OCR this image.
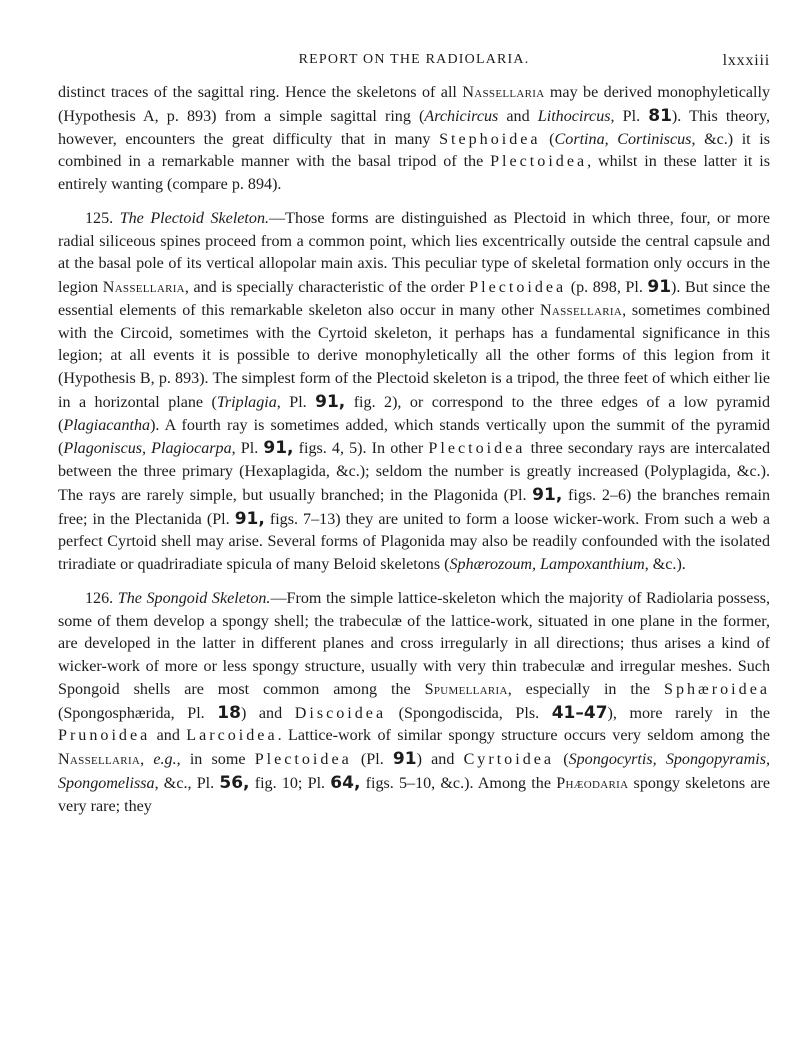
REPORT ON THE RADIOLARIA.	lxxxiii

distinct traces of the sagittal ring. Hence the skeletons of all Nassellaria may be derived monophyletically (Hypothesis A, p. 893) from a simple sagittal ring (Archicircus and Lithocircus, Pl. 81). This theory, however, encounters the great difficulty that in many Stephoidea (Cortina, Cortiniscus, &c.) it is combined in a remarkable manner with the basal tripod of the Plectoidea, whilst in these latter it is entirely wanting (compare p. 894).

125. The Plectoid Skeleton.—Those forms are distinguished as Plectoid in which three, four, or more radial siliceous spines proceed from a common point, which lies excentrically outside the central capsule and at the basal pole of its vertical allopolar main axis. This peculiar type of skeletal formation only occurs in the legion Nassellaria, and is specially characteristic of the order Plectoidea (p. 898, Pl. 91). But since the essential elements of this remarkable skeleton also occur in many other Nassellaria, sometimes combined with the Circoid, sometimes with the Cyrtoid skeleton, it perhaps has a fundamental significance in this legion; at all events it is possible to derive monophyletically all the other forms of this legion from it (Hypothesis B, p. 893). The simplest form of the Plectoid skeleton is a tripod, the three feet of which either lie in a horizontal plane (Triplagia, Pl. 91, fig. 2), or correspond to the three edges of a low pyramid (Plagiacantha). A fourth ray is sometimes added, which stands vertically upon the summit of the pyramid (Plagoniscus, Plagiocarpa, Pl. 91, figs. 4, 5). In other Plectoidea three secondary rays are intercalated between the three primary (Hexaplagida, &c.); seldom the number is greatly increased (Polyplagida, &c.). The rays are rarely simple, but usually branched; in the Plagonida (Pl. 91, figs. 2–6) the branches remain free; in the Plectanida (Pl. 91, figs. 7–13) they are united to form a loose wicker-work. From such a web a perfect Cyrtoid shell may arise. Several forms of Plagonida may also be readily confounded with the isolated triradiate or quadriradiate spicula of many Beloid skeletons (Sphærozoum, Lampoxanthium, &c.).

126. The Spongoid Skeleton.—From the simple lattice-skeleton which the majority of Radiolaria possess, some of them develop a spongy shell; the trabeculæ of the lattice-work, situated in one plane in the former, are developed in the latter in different planes and cross irregularly in all directions; thus arises a kind of wicker-work of more or less spongy structure, usually with very thin trabeculæ and irregular meshes. Such Spongoid shells are most common among the Spumellaria, especially in the Sphæroidea (Spongosphærida, Pl. 18) and Discoidea (Spongodiscida, Pls. 41–47), more rarely in the Prunoidea and Larcoidea. Lattice-work of similar spongy structure occurs very seldom among the Nassellaria, e.g., in some Plectoidea (Pl. 91) and Cyrtoidea (Spongocyrtis, Spongopyramis, Spongomelissa, &c., Pl. 56, fig. 10; Pl. 64, figs. 5–10, &c.). Among the Phæodaria spongy skeletons are very rare; they
